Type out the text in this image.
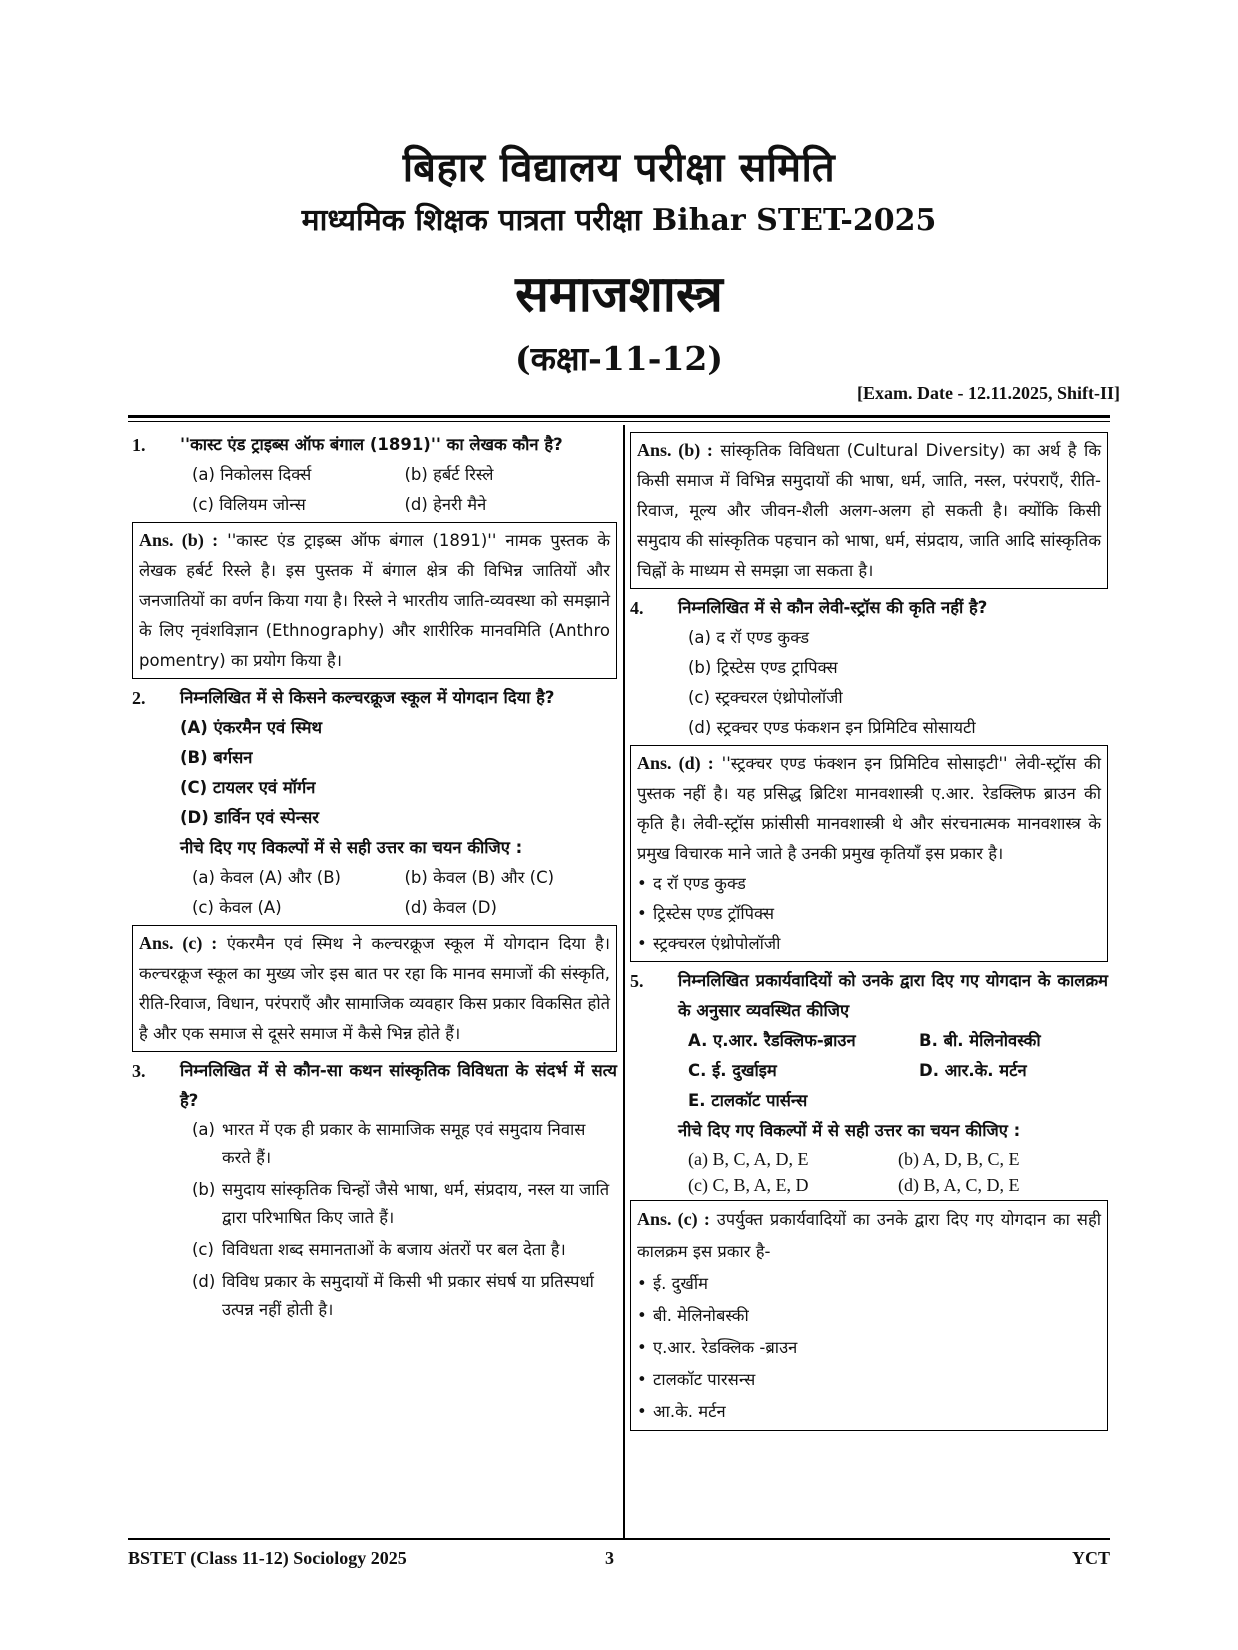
बिहार विद्यालय परीक्षा समिति
माध्यमिक शिक्षक पात्रता परीक्षा Bihar STET-2025
समाजशास्त्र
(कक्षा-11-12)
[Exam. Date - 12.11.2025, Shift-II]
1.	''कास्ट एंड ट्राइब्स ऑफ बंगाल (1891)'' का लेखक कौन है?
(a) निकोलस दिर्क्स	(b) हर्बर्ट रिस्ले
(c) विलियम जोन्स	(d) हेनरी मैने
Ans. (b) : ''कास्ट एंड ट्राइब्स ऑफ बंगाल (1891)'' नामक पुस्तक के लेखक हर्बर्ट रिस्ले है। इस पुस्तक में बंगाल क्षेत्र की विभिन्न जातियों और जनजातियों का वर्णन किया गया है। रिस्ले ने भारतीय जाति-व्यवस्था को समझाने के लिए नृवंशविज्ञान (Ethnography) और शारीरिक मानवमिति (Anthro pomentry) का प्रयोग किया है।
2.	निम्नलिखित में से किसने कल्चरक्रूज स्कूल में योगदान दिया है?
(A) एंकरमैन एवं स्मिथ
(B) बर्गसन
(C) टायलर एवं मॉर्गन
(D) डार्विन एवं स्पेन्सर
नीचे दिए गए विकल्पों में से सही उत्तर का चयन कीजिए :
(a) केवल (A) और (B)	(b) केवल (B) और (C)
(c) केवल (A)	(d) केवल (D)
Ans. (c) : एंकरमैन एवं स्मिथ ने कल्चरक्रूज स्कूल में योगदान दिया है। कल्चरक्रूज स्कूल का मुख्य जोर इस बात पर रहा कि मानव समाजों की संस्कृति, रीति-रिवाज, विधान, परंपराएँ और सामाजिक व्यवहार किस प्रकार विकसित होते है और एक समाज से दूसरे समाज में कैसे भिन्न होते हैं।
3.	निम्नलिखित में से कौन-सा कथन सांस्कृतिक विविधता के संदर्भ में सत्य है?
(a) भारत में एक ही प्रकार के सामाजिक समूह एवं समुदाय निवास करते हैं।
(b) समुदाय सांस्कृतिक चिन्हों जैसे भाषा, धर्म, संप्रदाय, नस्ल या जाति द्वारा परिभाषित किए जाते हैं।
(c) विविधता शब्द समानताओं के बजाय अंतरों पर बल देता है।
(d) विविध प्रकार के समुदायों में किसी भी प्रकार संघर्ष या प्रतिस्पर्धा उत्पन्न नहीं होती है।
Ans. (b) : सांस्कृतिक विविधता (Cultural Diversity) का अर्थ है कि किसी समाज में विभिन्न समुदायों की भाषा, धर्म, जाति, नस्ल, परंपराएँ, रीति-रिवाज, मूल्य और जीवन-शैली अलग-अलग हो सकती है। क्योंकि किसी समुदाय की सांस्कृतिक पहचान को भाषा, धर्म, संप्रदाय, जाति आदि सांस्कृतिक चिह्नों के माध्यम से समझा जा सकता है।
4.	निम्नलिखित में से कौन लेवी-स्ट्रॉस की कृति नहीं है?
(a) द रॉ एण्ड कुक्ड
(b) ट्रिस्टेस एण्ड ट्रापिक्स
(c) स्ट्रक्चरल एंथ्रोपोलॉजी
(d) स्ट्रक्चर एण्ड फंकशन इन प्रिमिटिव सोसायटी
Ans. (d) : ''स्ट्रक्चर एण्ड फंक्शन इन प्रिमिटिव सोसाइटी'' लेवी-स्ट्रॉस की पुस्तक नहीं है। यह प्रसिद्ध ब्रिटिश मानवशास्त्री ए.आर. रेडक्लिफ ब्राउन की कृति है। लेवी-स्ट्रॉस फ्रांसीसी मानवशास्त्री थे और संरचनात्मक मानवशास्त्र के प्रमुख विचारक माने जाते है उनकी प्रमुख कृतियाँ इस प्रकार है।
• द रॉ एण्ड कुक्ड
• ट्रिस्टेस एण्ड ट्रॉपिक्स
• स्ट्रक्चरल एंथ्रोपोलॉजी
5.	निम्नलिखित प्रकार्यवादियों को उनके द्वारा दिए गए योगदान के कालक्रम के अनुसार व्यवस्थित कीजिए
A. ए.आर. रैडक्लिफ-ब्राउन	B. बी. मेलिनोवस्की
C. ई. दुर्खाइम	D. आर.के. मर्टन
E. टालकॉट पार्सन्स
नीचे दिए गए विकल्पों में से सही उत्तर का चयन कीजिए :
(a) B, C, A, D, E	(b) A, D, B, C, E
(c) C, B, A, E, D	(d) B, A, C, D, E
Ans. (c) : उपर्युक्त प्रकार्यवादियों का उनके द्वारा दिए गए योगदान का सही कालक्रम इस प्रकार है-
• ई. दुर्खीम
• बी. मेलिनोबस्की
• ए.आर. रेडक्लिक -ब्राउन
• टालकॉट पारसन्स
• आ.के. मर्टन
BSTET (Class 11-12) Sociology 2025	3	YCT
